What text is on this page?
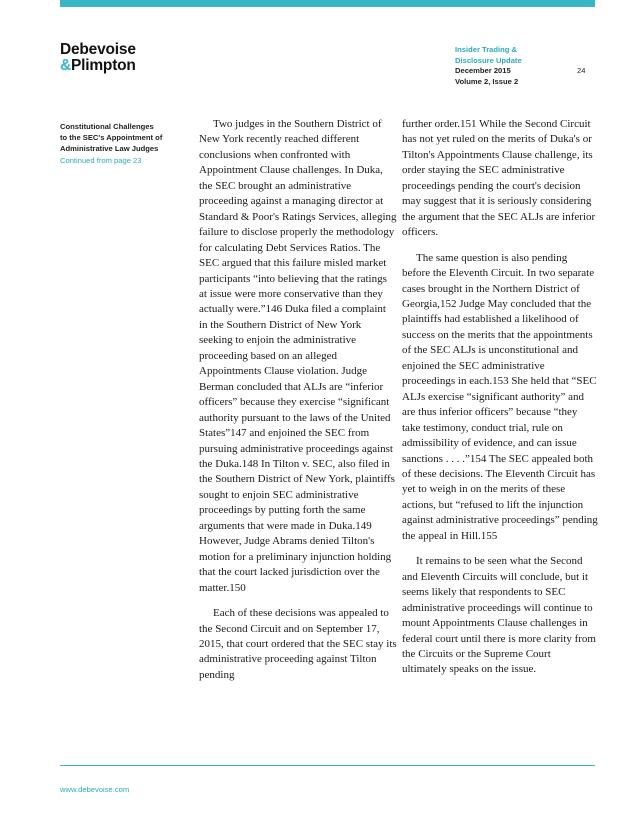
Debevoise
&Plimpton
Insider Trading &
Disclosure Update
December 2015
Volume 2, Issue 2
24
Constitutional Challenges
to the SEC's Appointment of
Administrative Law Judges
Continued from page 23

Two judges in the Southern District of New York recently reached different conclusions when confronted with Appointment Clause challenges. In Duka, the SEC brought an administrative proceeding against a managing director at Standard & Poor's Ratings Services, alleging failure to disclose properly the methodology for calculating Debt Services Ratios. The SEC argued that this failure misled market participants “into believing that the ratings at issue were more conservative than they actually were.”146 Duka filed a complaint in the Southern District of New York seeking to enjoin the administrative proceeding based on an alleged Appointments Clause violation. Judge Berman concluded that ALJs are “inferior officers” because they exercise “significant authority pursuant to the laws of the United States”147 and enjoined the SEC from pursuing administrative proceedings against the Duka.148 In Tilton v. SEC, also filed in the Southern District of New York, plaintiffs sought to enjoin SEC administrative proceedings by putting forth the same arguments that were made in Duka.149 However, Judge Abrams denied Tilton's motion for a preliminary injunction holding that the court lacked jurisdiction over the matter.150

Each of these decisions was appealed to the Second Circuit and on September 17, 2015, that court ordered that the SEC stay its administrative proceeding against Tilton pending

further order.151 While the Second Circuit has not yet ruled on the merits of Duka's or Tilton's Appointments Clause challenge, its order staying the SEC administrative proceedings pending the court's decision may suggest that it is seriously considering the argument that the SEC ALJs are inferior officers.

The same question is also pending before the Eleventh Circuit. In two separate cases brought in the Northern District of Georgia,152 Judge May concluded that the plaintiffs had established a likelihood of success on the merits that the appointments of the SEC ALJs is unconstitutional and enjoined the SEC administrative proceedings in each.153 She held that “SEC ALJs exercise “significant authority” and are thus inferior officers” because “they take testimony, conduct trial, rule on admissibility of evidence, and can issue sanctions . . . .”154 The SEC appealed both of these decisions. The Eleventh Circuit has yet to weigh in on the merits of these actions, but “refused to lift the injunction against administrative proceedings” pending the appeal in Hill.155

It remains to be seen what the Second and Eleventh Circuits will conclude, but it seems likely that respondents to SEC administrative proceedings will continue to mount Appointments Clause challenges in federal court until there is more clarity from the Circuits or the Supreme Court ultimately speaks on the issue.

www.debevoise.com
